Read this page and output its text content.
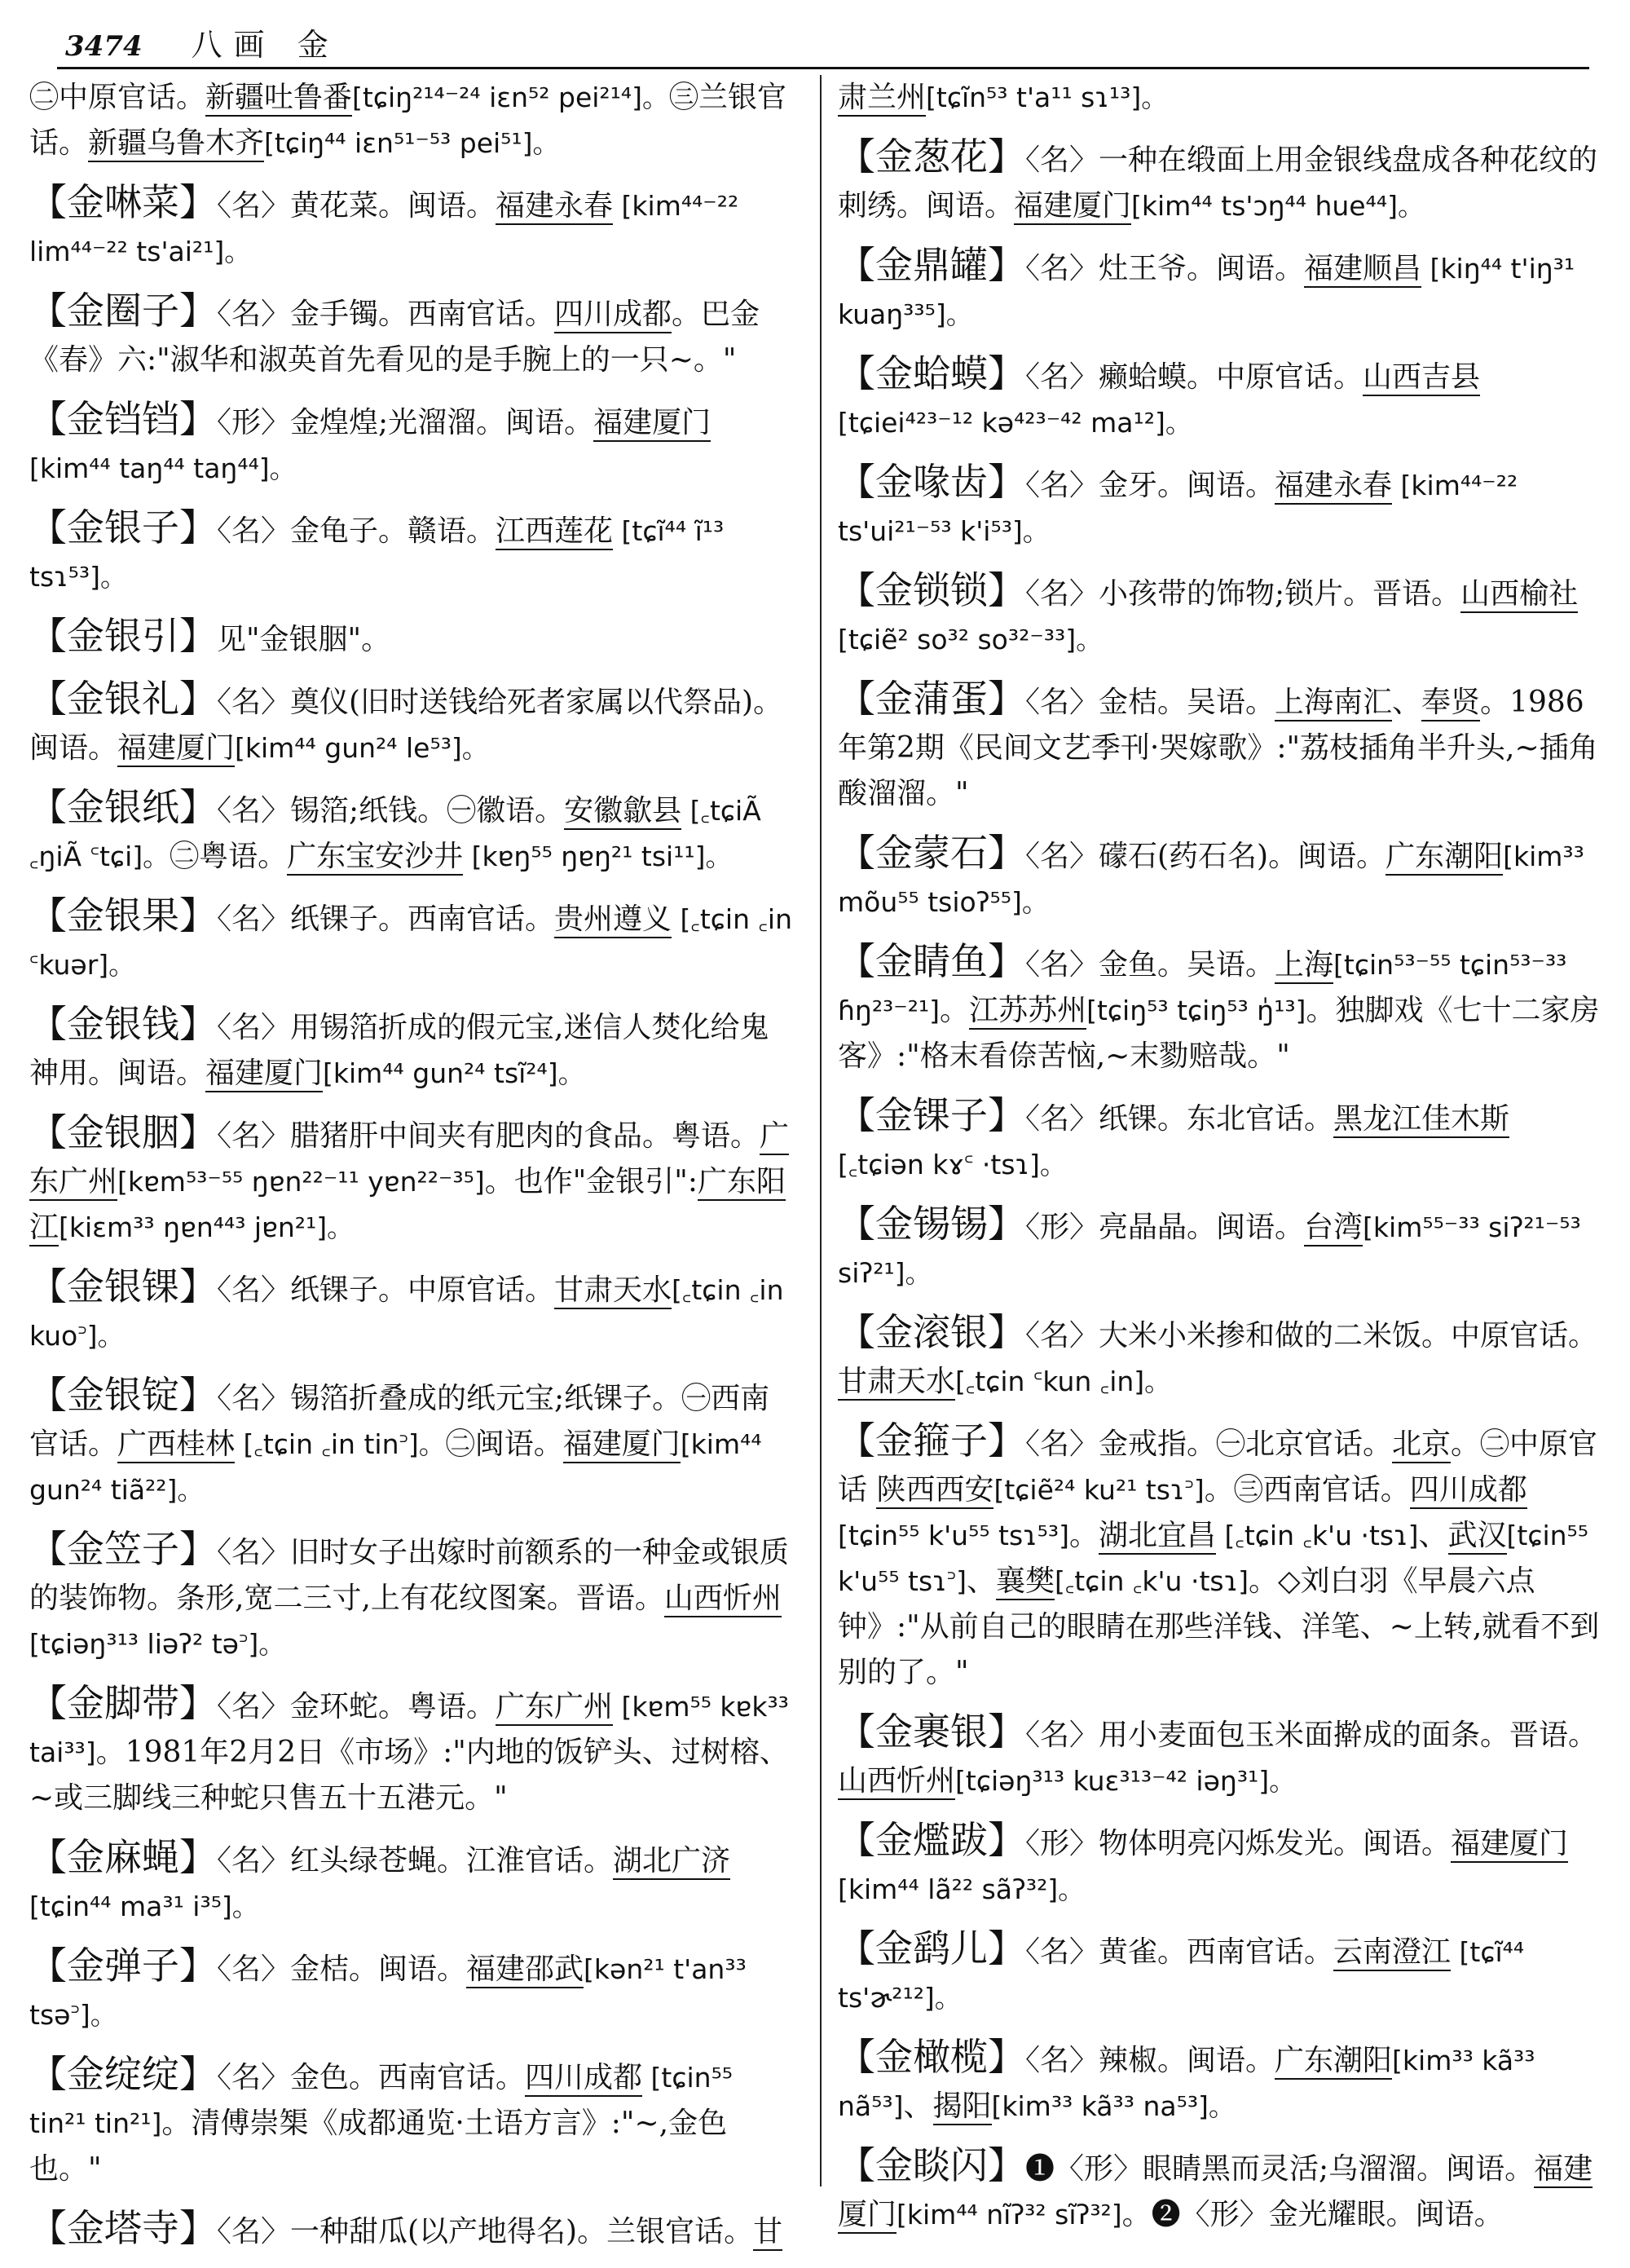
3474 八画 金
㊁中原官话。新疆吐鲁番[tɕiŋ²¹⁴⁻²⁴ iɛn⁵² pei²¹⁴]。㊂兰银官话。新疆乌鲁木齐[tɕiŋ⁴⁴ iɛn⁵¹⁻⁵³ pei⁵¹]。
【金啉菜】〈名〉黄花菜。闽语。福建永春 [kim⁴⁴⁻²² lim⁴⁴⁻²² ts'ai²¹]。
【金圈子】〈名〉金手镯。西南官话。四川成都。巴金《春》六:"淑华和淑英首先看见的是手腕上的一只~。"
【金铛铛】〈形〉金煌煌;光溜溜。闽语。福建厦门 [kim⁴⁴ taŋ⁴⁴ taŋ⁴⁴]。
【金银子】〈名〉金龟子。赣语。江西莲花 [tɕĩ⁴⁴ ĩ¹³ tsɿ⁵³]。
【金银引】见"金银胭"。
【金银礼】〈名〉奠仪(旧时送钱给死者家属以代祭品)。闽语。福建厦门[kim⁴⁴ gun²⁴ le⁵³]。
【金银纸】〈名〉锡箔;纸钱。㊀徽语。安徽歙县 [꜀tɕiÃ ꜀ŋiÃ ꜂tɕi]。㊁粤语。广东宝安沙井 [kɐŋ⁵⁵ ŋɐŋ²¹ tsi¹¹]。
【金银果】〈名〉纸锞子。西南官话。贵州遵义 [꜀tɕin ꜀in ꜂kuər]。
【金银钱】〈名〉用锡箔折成的假元宝,迷信人焚化给鬼神用。闽语。福建厦门[kim⁴⁴ gun²⁴ tsĩ²⁴]。
【金银胭】〈名〉腊猪肝中间夹有肥肉的食品。粤语。广东广州[kɐm⁵³⁻⁵⁵ ŋɐn²²⁻¹¹ yɐn²²⁻³⁵]。也作"金银引":广东阳江[kiɛm³³ ŋɐn⁴⁴³ jɐn²¹]。
【金银锞】〈名〉纸锞子。中原官话。甘肃天水[꜀tɕin ꜀in kuo꜄]。
【金银锭】〈名〉锡箔折叠成的纸元宝;纸锞子。㊀西南官话。广西桂林 [꜀tɕin ꜀in tin꜄]。㊁闽语。福建厦门[kim⁴⁴ gun²⁴ tiã²²]。
【金笠子】〈名〉旧时女子出嫁时前额系的一种金或银质的装饰物。条形,宽二三寸,上有花纹图案。晋语。山西忻州[tɕiəŋ³¹³ liəʔ² tə꜄]。
【金脚带】〈名〉金环蛇。粤语。广东广州 [kɐm⁵⁵ kɐk³³ tai³³]。1981年2月2日《市场》:"内地的饭铲头、过树榕、~或三脚线三种蛇只售五十五港元。"
【金麻蝇】〈名〉红头绿苍蝇。江淮官话。湖北广济[tɕin⁴⁴ ma³¹ i³⁵]。
【金弹子】〈名〉金桔。闽语。福建邵武[kən²¹ t'an³³ tsə꜄]。
【金绽绽】〈名〉金色。西南官话。四川成都 [tɕin⁵⁵ tin²¹ tin²¹]。清傅崇榘《成都通览·土语方言》:"~,金色也。"
【金塔寺】〈名〉一种甜瓜(以产地得名)。兰银官话。甘
肃兰州[tɕĩn⁵³ t'a¹¹ sɿ¹³]。
【金葱花】〈名〉一种在缎面上用金银线盘成各种花纹的刺绣。闽语。福建厦门[kim⁴⁴ ts'ɔŋ⁴⁴ hue⁴⁴]。
【金鼎罐】〈名〉灶王爷。闽语。福建顺昌 [kiŋ⁴⁴ t'iŋ³¹ kuaŋ³³⁵]。
【金蛤蟆】〈名〉癞蛤蟆。中原官话。山西吉县[tɕiei⁴²³⁻¹² kə⁴²³⁻⁴² ma¹²]。
【金喙齿】〈名〉金牙。闽语。福建永春 [kim⁴⁴⁻²² ts'ui²¹⁻⁵³ k'i⁵³]。
【金锁锁】〈名〉小孩带的饰物;锁片。晋语。山西榆社[tɕiẽ² so³² so³²⁻³³]。
【金蒲蛋】〈名〉金桔。吴语。上海南汇、奉贤。1986年第2期《民间文艺季刊·哭嫁歌》:"荔枝插角半升头,~插角酸溜溜。"
【金蒙石】〈名〉礞石(药石名)。闽语。广东潮阳[kim³³ mõu⁵⁵ tsioʔ⁵⁵]。
【金睛鱼】〈名〉金鱼。吴语。上海[tɕin⁵³⁻⁵⁵ tɕin⁵³⁻³³ ɦŋ²³⁻²¹]。江苏苏州[tɕiŋ⁵³ tɕiŋ⁵³ ŋ̍¹³]。独脚戏《七十二家房客》:"格末看倷苦恼,~末勠赔哉。"
【金锞子】〈名〉纸锞。东北官话。黑龙江佳木斯 [꜀tɕiən kɤ꜂ ·tsɿ]。
【金锡锡】〈形〉亮晶晶。闽语。台湾[kim⁵⁵⁻³³ siʔ²¹⁻⁵³ siʔ²¹]。
【金滚银】〈名〉大米小米掺和做的二米饭。中原官话。甘肃天水[꜀tɕin ꜂kun ꜀in]。
【金箍子】〈名〉金戒指。㊀北京官话。北京。㊁中原官话 陕西西安[tɕiẽ²⁴ ku²¹ tsɿ꜄]。㊂西南官话。四川成都[tɕin⁵⁵ k'u⁵⁵ tsɿ⁵³]。湖北宜昌 [꜀tɕin ꜀k'u ·tsɿ]、武汉[tɕin⁵⁵ k'u⁵⁵ tsɿ꜄]、襄樊[꜀tɕin ꜀k'u ·tsɿ]。◇刘白羽《早晨六点钟》:"从前自己的眼睛在那些洋钱、洋笔、~上转,就看不到别的了。"
【金裹银】〈名〉用小麦面包玉米面擀成的面条。晋语。山西忻州[tɕiəŋ³¹³ kuɛ³¹³⁻⁴² iəŋ³¹]。
【金爁跋】〈形〉物体明亮闪烁发光。闽语。福建厦门 [kim⁴⁴ lã²² sãʔ³²]。
【金鹞儿】〈名〉黄雀。西南官话。云南澄江 [tɕĩ⁴⁴ ts'ɚ²¹²]。
【金橄榄】〈名〉辣椒。闽语。广东潮阳[kim³³ kã³³ nã⁵³]、揭阳[kim³³ kã³³ na⁵³]。
【金睒闪】❶〈形〉眼睛黑而灵活;乌溜溜。闽语。福建厦门[kim⁴⁴ nĩʔ³² sĩʔ³²]。❷〈形〉金光耀眼。闽语。
